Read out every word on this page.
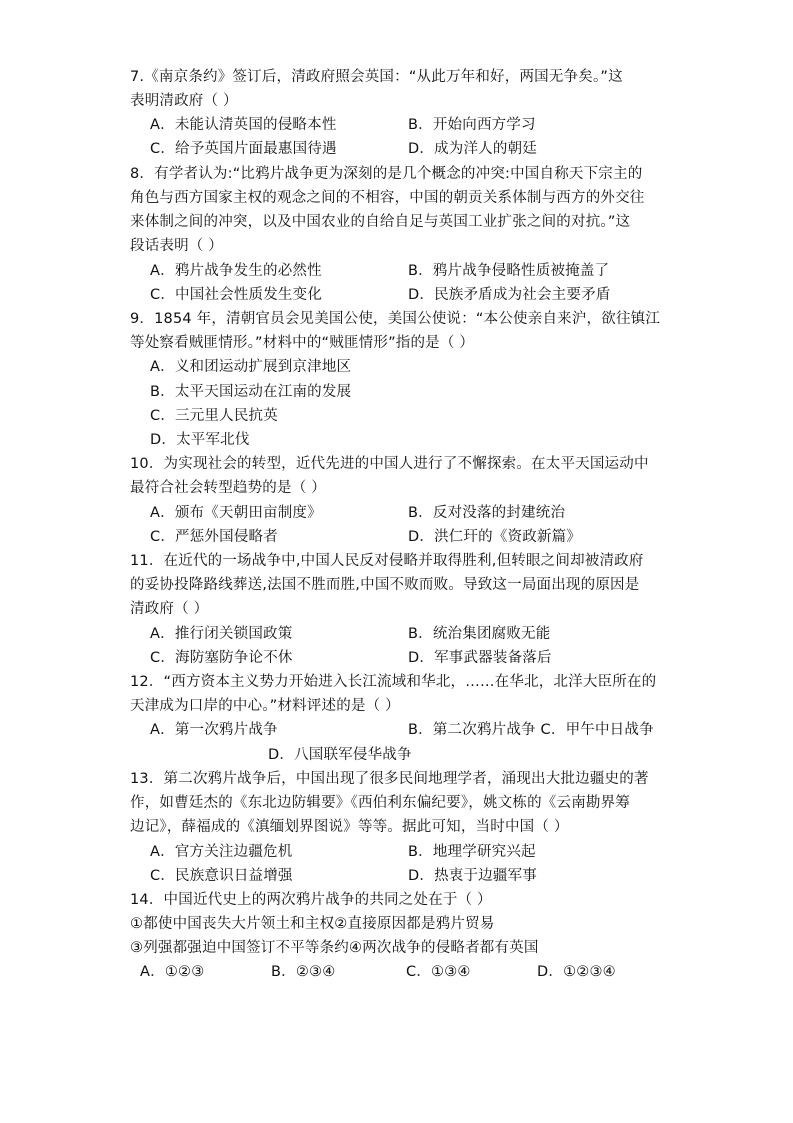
7.《南京条约》签订后，清政府照会英国：“从此万年和好，两国无争矣。”这
表明清政府（ ）
A．未能认清英国的侵略本性	B．开始向西方学习
C．给予英国片面最惠国待遇	D．成为洋人的朝廷
8．有学者认为:“比鸦片战争更为深刻的是几个概念的冲突:中国自称天下宗主的
角色与西方国家主权的观念之间的不相容，中国的朝贡关系体制与西方的外交往
来体制之间的冲突，以及中国农业的自给自足与英国工业扩张之间的对抗。”这
段话表明（ ）
A．鸦片战争发生的必然性	B．鸦片战争侵略性质被掩盖了
C．中国社会性质发生变化	D．民族矛盾成为社会主要矛盾
9．1854 年，清朝官员会见美国公使，美国公使说：“本公使亲自来沪，欲往镇江
等处察看贼匪情形。”材料中的“贼匪情形”指的是（ ）
A．义和团运动扩展到京津地区
B．太平天国运动在江南的发展
C．三元里人民抗英
D．太平军北伐
10．为实现社会的转型，近代先进的中国人进行了不懈探索。在太平天国运动中
最符合社会转型趋势的是（ ）
A．颁布《天朝田亩制度》	B．反对没落的封建统治
C．严惩外国侵略者	D．洪仁玕的《资政新篇》
11．在近代的一场战争中,中国人民反对侵略并取得胜利,但转眼之间却被清政府
的妥协投降路线葬送,法国不胜而胜,中国不败而败。导致这一局面出现的原因是
清政府（ ）
A．推行闭关锁国政策	B．统治集团腐败无能
C．海防塞防争论不休	D．军事武器装备落后
12．“西方资本主义势力开始进入长江流域和华北，……在华北，北洋大臣所在的
天津成为口岸的中心。”材料评述的是（ ）
A．第一次鸦片战争	B．第二次鸦片战争 C．甲午中日战争
D．八国联军侵华战争
13．第二次鸦片战争后，中国出现了很多民间地理学者，涌现出大批边疆史的著
作，如曹廷杰的《东北边防辑要》《西伯利东偏纪要》，姚文栋的《云南勘界筹
边记》，薛福成的《滇缅划界图说》等等。据此可知，当时中国（ ）
A．官方关注边疆危机	B．地理学研究兴起
C．民族意识日益增强	D．热衷于边疆军事
14．中国近代史上的两次鸦片战争的共同之处在于（ ）
①都使中国丧失大片领土和主权②直接原因都是鸦片贸易
③列强都强迫中国签订不平等条约④两次战争的侵略者都有英国
A．①②③	B．②③④	C．①③④	D．①②③④
